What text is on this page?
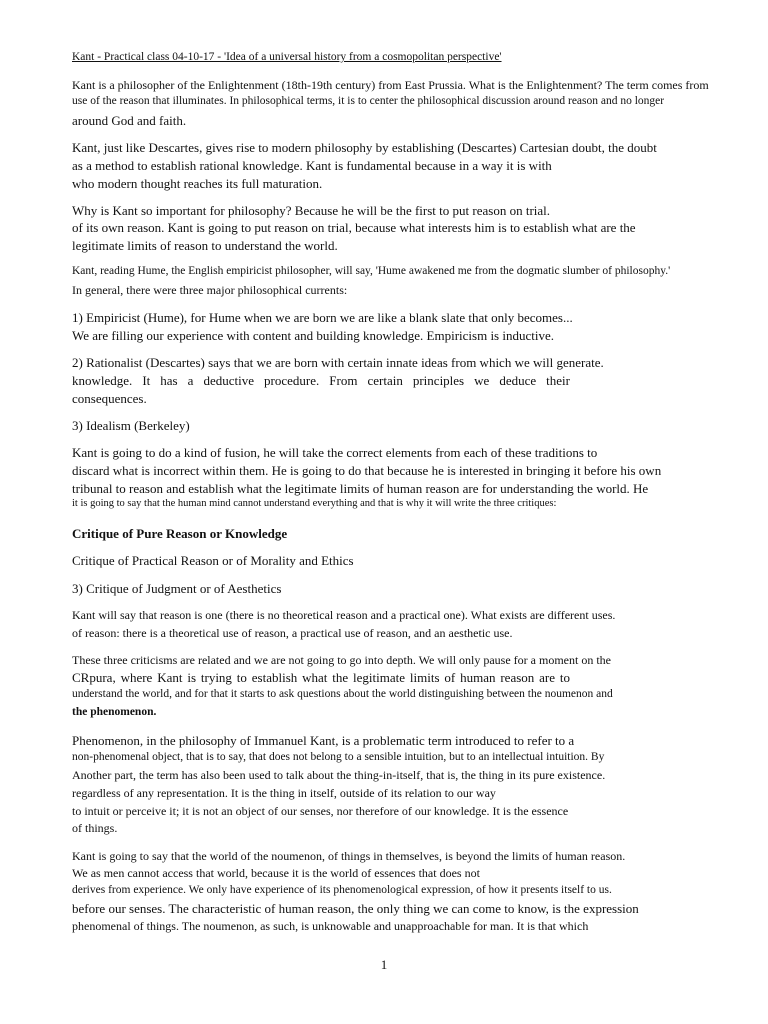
Kant - Practical class 04-10-17 - 'Idea of a universal history from a cosmopolitan perspective'
Kant is a philosopher of the Enlightenment (18th-19th century) from East Prussia. What is the Enlightenment? The term comes from
use of the reason that illuminates. In philosophical terms, it is to center the philosophical discussion around reason and no longer
around God and faith.
Kant, just like Descartes, gives rise to modern philosophy by establishing (Descartes) Cartesian doubt, the doubt
as a method to establish rational knowledge. Kant is fundamental because in a way it is with
who modern thought reaches its full maturation.
Why is Kant so important for philosophy? Because he will be the first to put reason on trial.
of its own reason. Kant is going to put reason on trial, because what interests him is to establish what are the
legitimate limits of reason to understand the world.
Kant, reading Hume, the English empiricist philosopher, will say, 'Hume awakened me from the dogmatic slumber of philosophy.'
In general, there were three major philosophical currents:
1) Empiricist (Hume), for Hume when we are born we are like a blank slate that only becomes...
We are filling our experience with content and building knowledge. Empiricism is inductive.
2) Rationalist (Descartes) says that we are born with certain innate ideas from which we will generate.
knowledge. It has a deductive procedure. From certain principles we deduce their
consequences.
3) Idealism (Berkeley)
Kant is going to do a kind of fusion, he will take the correct elements from each of these traditions to
discard what is incorrect within them. He is going to do that because he is interested in bringing it before his own
tribunal to reason and establish what the legitimate limits of human reason are for understanding the world. He
it is going to say that the human mind cannot understand everything and that is why it will write the three critiques:
Critique of Pure Reason or Knowledge
Critique of Practical Reason or of Morality and Ethics
3) Critique of Judgment or of Aesthetics
Kant will say that reason is one (there is no theoretical reason and a practical one). What exists are different uses.
of reason: there is a theoretical use of reason, a practical use of reason, and an aesthetic use.
These three criticisms are related and we are not going to go into depth. We will only pause for a moment on the
CRpura, where Kant is trying to establish what the legitimate limits of human reason are to
understand the world, and for that it starts to ask questions about the world distinguishing between the noumenon and
the phenomenon.
Phenomenon, in the philosophy of Immanuel Kant, is a problematic term introduced to refer to a
non-phenomenal object, that is to say, that does not belong to a sensible intuition, but to an intellectual intuition. By
Another part, the term has also been used to talk about the thing-in-itself, that is, the thing in its pure existence.
regardless of any representation. It is the thing in itself, outside of its relation to our way
to intuit or perceive it; it is not an object of our senses, nor therefore of our knowledge. It is the essence
of things.
Kant is going to say that the world of the noumenon, of things in themselves, is beyond the limits of human reason.
We as men cannot access that world, because it is the world of essences that does not
derives from experience. We only have experience of its phenomenological expression, of how it presents itself to us.
before our senses. The characteristic of human reason, the only thing we can come to know, is the expression
phenomenal of things. The noumenon, as such, is unknowable and unapproachable for man. It is that which
1
